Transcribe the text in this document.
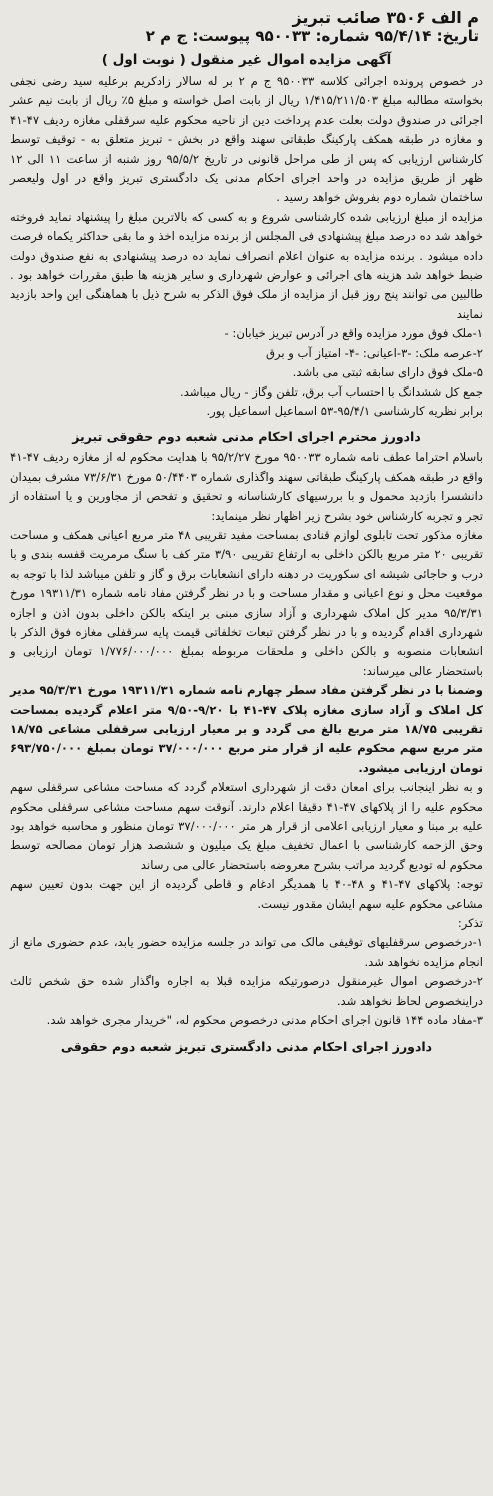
م الف ۳۵۰۶ صائب تبریز
تاریخ: ۹۵/۴/۱۴ شماره: ۹۵۰۰۳۳ پیوست: ج م ۲
آگهی مزایده اموال غیر منقول ( نوبت اول )

در خصوص پرونده اجرائی کلاسه ۹۵۰۰۳۳ ج م ۲ بر له سالار زادکریم برعلیه سید رضی نجفی بخواسته مطالبه مبلغ ۱/۴۱۵/۲۱۱/۵۰۳ ریال از بابت اصل خواسته و مبلغ ۵٪ ریال از بابت نیم عشر اجرائی در صندوق دولت بعلت عدم پرداخت دین از ناحیه محکوم علیه سرقفلی مغازه ردیف ۴۷-۴۱ و مغازه در طبقه همکف پارکینگ طبقاتی سهند واقع در بخش - تبریز متعلق به - توقیف توسط کارشناس ارزیابی که پس از طی مراحل قانونی در تاریخ ۹۵/۵/۲ روز شنبه از ساعت ۱۱ الی ۱۲ ظهر از طریق مزایده در واحد اجرای احکام مدنی یک دادگستری تبریز واقع در اول ولیعصر ساختمان شماره دوم بفروش خواهد رسید .

مزایده از مبلغ ارزیابی شده کارشناسی شروع و به کسی که بالاترین مبلغ را پیشنهاد نماید فروخته خواهد شد ده درصد مبلغ پیشنهادی فی المجلس از برنده مزایده اخذ و ما بقی حداکثر یکماه فرصت داده میشود . برنده مزایده به عنوان اعلام انصراف نماید ده درصد پیشنهادی به نفع صندوق دولت ضبط خواهد شد هزینه های اجرائی و عوارض شهرداری و سایر هزینه ها طبق مقررات خواهد بود . طالبین می توانند پنج روز قبل از مزایده از ملک فوق الذکر به شرح ذیل با هماهنگی این واحد بازدید نمایند

۱-ملک فوق مورد مزایده واقع در آدرس تبریز خیابان: -
۲-عرصه ملک: -۳-اعیانی: -۴- امتیاز آب و برق
۵-ملک فوق دارای سابقه ثبتی می باشد.
جمع کل ششدانگ با احتساب آب برق، تلفن وگاز - ریال میباشد.
برابر نظریه کارشناسی ۹۵/۴/۱-۵۳ اسماعیل اسماعیل پور.
دادورز محترم اجرای احکام مدنی شعبه دوم حقوقی تبریز

باسلام احتراما عطف نامه شماره ۹۵۰۰۳۳ مورخ ۹۵/۲/۲۷ با هدایت محکوم له از مغازه ردیف ۴۷-۴۱ واقع در طبقه همکف پارکینگ طبقاتی سهند واگذاری شماره ۵۰/۴۴۰۳ مورخ ۷۳/۶/۳۱ مشرف بمیدان دانشسرا بازدید محمول و با بررسیهای کارشناسانه و تحقیق و تفحص از مجاورین و یا استفاده از تجر و تجربه کارشناس خود بشرح زیر اظهار نظر مینماید:

مغازه مذکور تحت تابلوی لوازم قنادی بمساحت مفید تقریبی ۴۸ متر مربع اعیانی همکف و مساحت تقریبی ۲۰ متر مربع بالکن داخلی به ارتفاع تقریبی ۳/۹۰ متر کف با سنگ مرمریت قفسه بندی و با درب و حاجائی شیشه ای سکوریت در دهنه دارای انشعابات برق و گاز و تلفن میباشد لذا با توجه به موقعیت محل و نوع اعیانی و مقدار مساحت و با در نظر گرفتن مفاد نامه شماره ۱۹۳۱۱/۳۱ مورخ ۹۵/۳/۳۱ مدیر کل املاک شهرداری و آزاد سازی مبنی بر اینکه بالکن داخلی بدون اذن و اجازه شهرداری اقدام گردیده و با در نظر گرفتن تبعات تخلفاتی قیمت پایه سرقفلی مغازه فوق الذکر با انشعابات منصوبه و بالکن داخلی و ملحقات مربوطه بمبلغ ۱/۷۷۶/۰۰۰/۰۰۰ تومان ارزیابی و باستحضار عالی میرساند:

وضمنا با در نظر گرفتن مفاد سطر چهارم نامه شماره ۱۹۳۱۱/۳۱ مورخ ۹۵/۳/۳۱ مدیر کل املاک و آزاد سازی مغازه پلاک ۴۷-۴۱ با ۹/۲۰-۹/۵۰ متر اعلام گردیده بمساحت تقریبی ۱۸/۷۵ متر مربع بالغ می گردد و بر معیار ارزیابی سرقفلی مشاعی ۱۸/۷۵ متر مربع سهم محکوم علیه از قرار متر مربع ۳۷/۰۰۰/۰۰۰ تومان بمبلغ ۶۹۳/۷۵۰/۰۰۰ تومان ارزیابی میشود.

و به نظر اینجانب برای امعان دقت از شهرداری استعلام گردد که مساحت مشاعی سرقفلی سهم محکوم علیه را از پلاکهای ۴۷-۴۱ دقیقا اعلام دارند. آنوقت سهم مساحت مشاعی سرقفلی محکوم علیه بر مبنا و معیار ارزیابی اعلامی از قرار هر متر ۳۷/۰۰۰/۰۰۰ تومان منظور و محاسبه خواهد بود وحق الزحمه کارشناسی با اعمال تخفیف مبلغ یک میلیون و ششصد هزار تومان مصالحه توسط محکوم له تودیع گردید مراتب بشرح معروضه باستحضار عالی می رساند

توجه: پلاکهای ۴۷-۴۱ و ۴۸-۴۰ با همدیگر ادغام و قاطی گردیده از این جهت بدون تعیین سهم مشاعی محکوم علیه سهم ایشان مقدور نیست.

تذکر:

۱-درخصوص سرقفلیهای توقیفی مالک می تواند در جلسه مزایده حضور یابد، عدم حضوری مانع از انجام مزایده نخواهد شد.

۲-درخصوص اموال غیرمنقول درصورتیکه مزایده قبلا به اجاره واگذار شده حق شخص ثالث دراینخصوص لحاظ نخواهد شد.

۳-مفاد ماده ۱۴۴ قانون اجرای احکام مدنی درخصوص محکوم له، "خریدار مجری خواهد شد.

دادورز اجرای احکام مدنی دادگستری تبریز شعبه دوم حقوقی
